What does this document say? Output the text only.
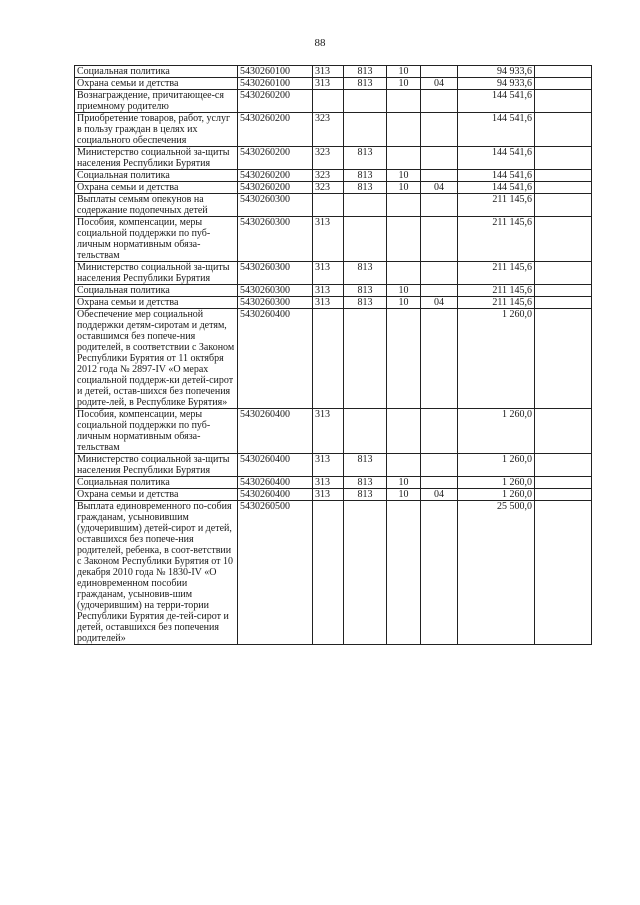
88
Социальная политика	5430260100	313	813	10		94 933,6	
Охрана семьи и детства	5430260100	313	813	10	04	94 933,6	
Вознаграждение, причитающее-ся приемному родителю	5430260200					144 541,6	
Приобретение товаров, работ, услуг в пользу граждан в целях их социального обеспечения	5430260200	323				144 541,6	
Министерство социальной за-щиты населения Республики Бурятия	5430260200	323	813			144 541,6	
Социальная политика	5430260200	323	813	10		144 541,6	
Охрана семьи и детства	5430260200	323	813	10	04	144 541,6	
Выплаты семьям опекунов на содержание подопечных детей	5430260300					211 145,6	
Пособия, компенсации, меры социальной поддержки по пуб-личным нормативным обяза-тельствам	5430260300	313				211 145,6	
Министерство социальной за-щиты населения Республики Бурятия	5430260300	313	813			211 145,6	
Социальная политика	5430260300	313	813	10		211 145,6	
Охрана семьи и детства	5430260300	313	813	10	04	211 145,6	
Обеспечение мер социальной поддержки детям-сиротам и детям, оставшимся без попече-ния родителей, в соответствии с Законом Республики Бурятия от 11 октября 2012 года № 2897-IV «О мерах социальной поддерж-ки детей-сирот и детей, остав-шихся без попечения родите-лей, в Республике Бурятия»	5430260400					1 260,0	
Пособия, компенсации, меры социальной поддержки по пуб-личным нормативным обяза-тельствам	5430260400	313				1 260,0	
Министерство социальной за-щиты населения Республики Бурятия	5430260400	313	813			1 260,0	
Социальная политика	5430260400	313	813	10		1 260,0	
Охрана семьи и детства	5430260400	313	813	10	04	1 260,0	
Выплата единовременного по-собия гражданам, усыновившим (удочерившим) детей-сирот и детей, оставшихся без попече-ния родителей, ребенка, в соот-ветствии с Законом Республики Бурятия от 10 декабря 2010 года № 1830-IV «О единовременном пособии гражданам, усыновив-шим (удочерившим) на терри-тории Республики Бурятия де-тей-сирот и детей, оставшихся без попечения родителей»	5430260500					25 500,0	
